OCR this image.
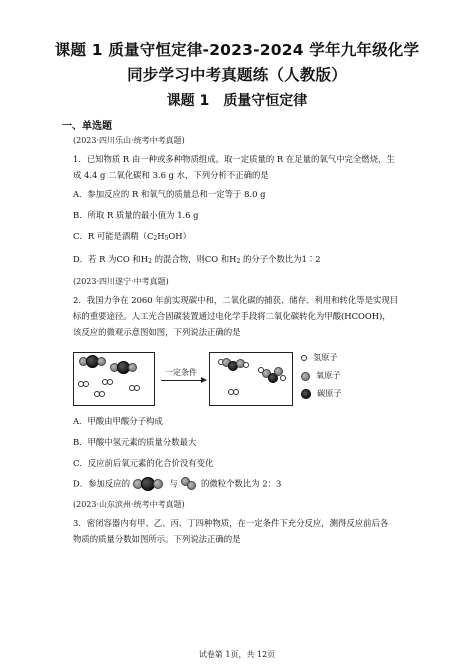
课题 1 质量守恒定律-2023-2024 学年九年级化学
同步学习中考真题练（人教版）
课题 1 质量守恒定律
一、单选题
(2023·四川乐山·统考中考真题)
1．已知物质 R 由一种或多种物质组成。取一定质量的 R 在足量的氧气中完全燃烧，生
成 4.4 g 二氧化碳和 3.6 g 水，下列分析不正确的是
A．参加反应的 R 和氧气的质量总和一定等于 8.0 g
B．所取 R 质量的最小值为 1.6 g
C．R 可能是酒精（C2H5OH）
D．若 R 为CO 和H2 的混合物，则CO 和H2 的分子个数比为1∶2
(2023·四川遂宁·中考真题)
2．我国力争在 2060 年前实现碳中和，二氧化碳的捕获、储存、利用和转化等是实现目
标的重要途径。人工光合固碳装置通过电化学手段将二氧化碳转化为甲酸(HCOOH)，
该反应的微观示意图如图，下列说法正确的是
一定条件
氢原子
氧原子
碳原子
A．甲酸由甲酸分子构成
B．甲酸中氢元素的质量分数最大
C．反应前后氧元素的化合价没有变化
D．参加反应的	与	的微粒个数比为 2：3
(2023·山东滨州·统考中考真题)
3．密闭容器内有甲、乙、丙、丁四种物质，在一定条件下充分反应，测得反应前后各
物质的质量分数如图所示。下列说法正确的是
试卷第 1页，共 12页
